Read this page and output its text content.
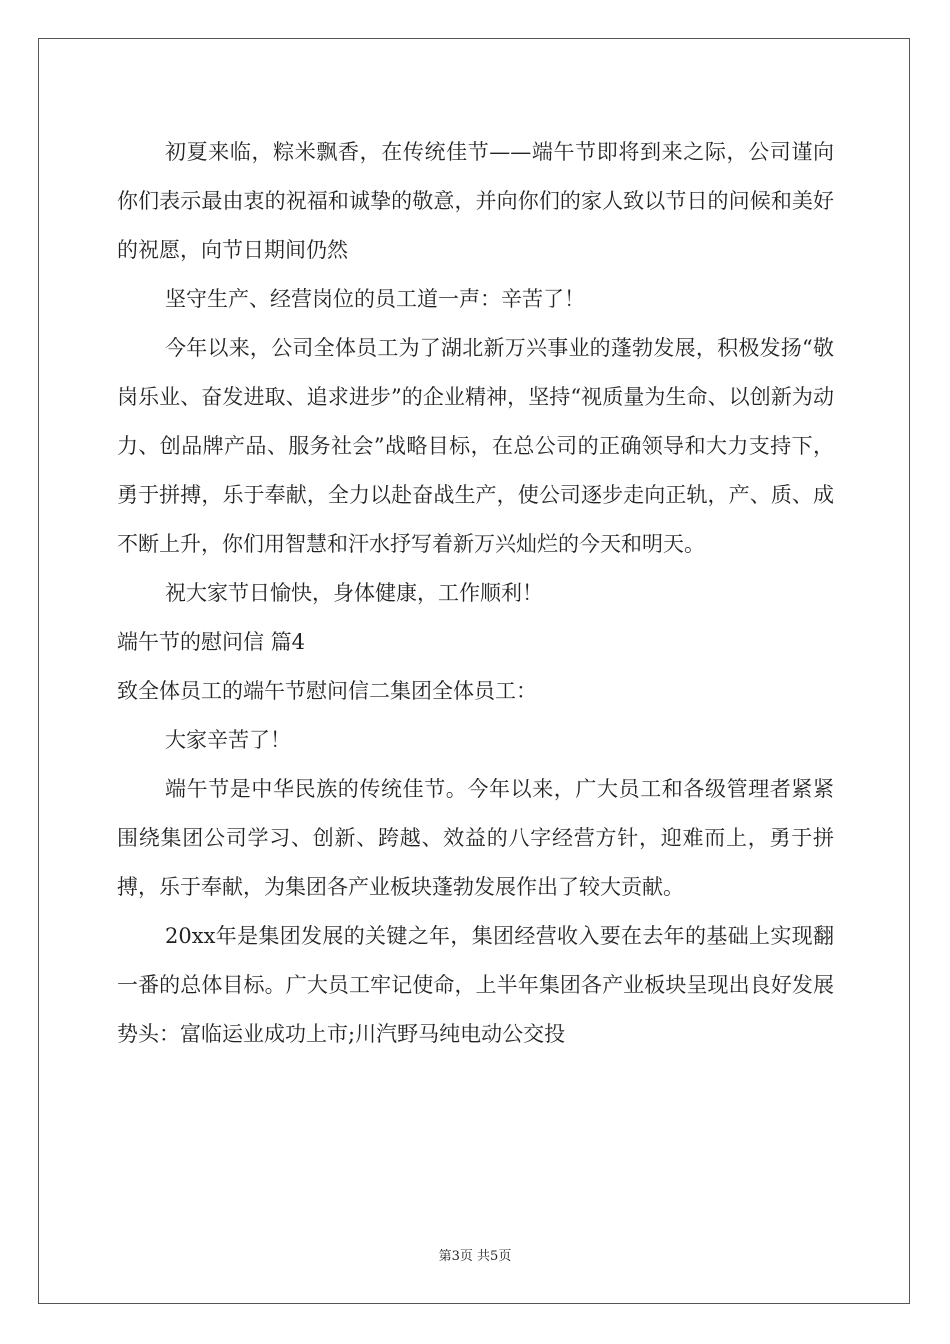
初夏来临，粽米飘香，在传统佳节——端午节即将到来之际，公司谨向你们表示最由衷的祝福和诚挚的敬意，并向你们的家人致以节日的问候和美好的祝愿，向节日期间仍然

坚守生产、经营岗位的员工道一声：辛苦了！

今年以来，公司全体员工为了湖北新万兴事业的蓬勃发展，积极发扬“敬岗乐业、奋发进取、追求进步”的企业精神，坚持“视质量为生命、以创新为动力、创品牌产品、服务社会”战略目标，在总公司的正确领导和大力支持下，勇于拼搏，乐于奉献，全力以赴奋战生产，使公司逐步走向正轨，产、质、成不断上升，你们用智慧和汗水抒写着新万兴灿烂的今天和明天。

祝大家节日愉快，身体健康，工作顺利！

端午节的慰问信 篇4

致全体员工的端午节慰问信二集团全体员工：

大家辛苦了！

端午节是中华民族的传统佳节。今年以来，广大员工和各级管理者紧紧围绕集团公司学习、创新、跨越、效益的八字经营方针，迎难而上，勇于拼搏，乐于奉献，为集团各产业板块蓬勃发展作出了较大贡献。

20xx年是集团发展的关键之年，集团经营收入要在去年的基础上实现翻一番的总体目标。广大员工牢记使命，上半年集团各产业板块呈现出良好发展势头：富临运业成功上市;川汽野马纯电动公交投

第3页 共5页
